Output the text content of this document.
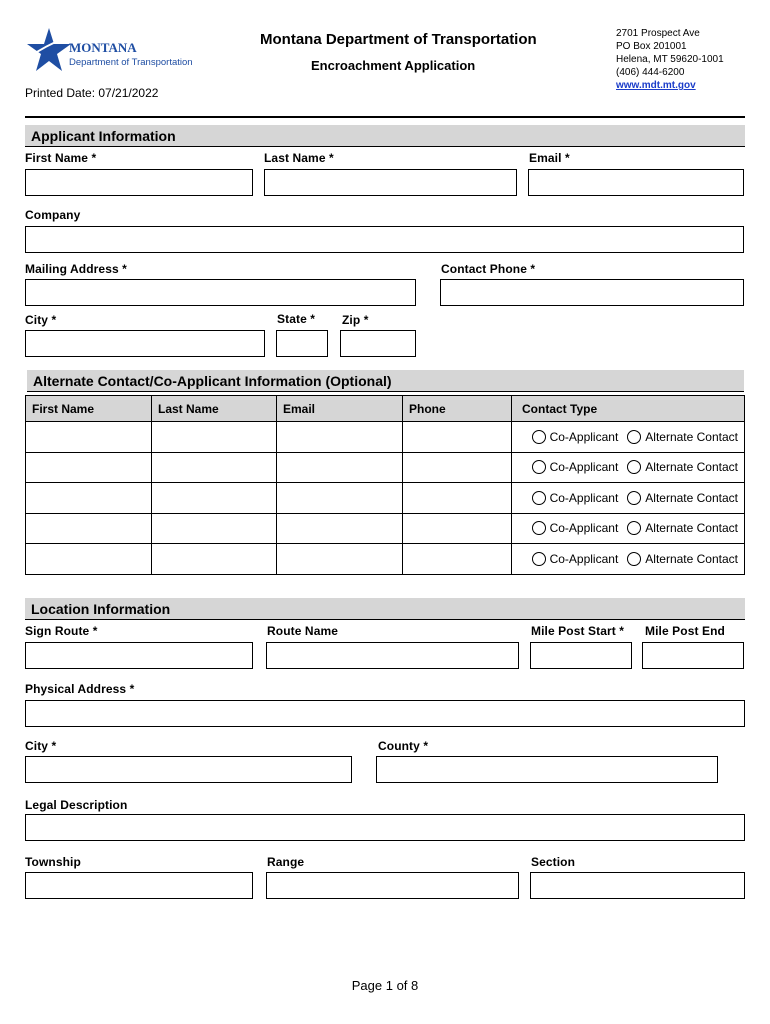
MONTANA
Department of Transportation
Montana Department of Transportation
Encroachment Application
2701 Prospect Ave
PO Box 201001
Helena, MT 59620-1001
(406) 444-6200
www.mdt.mt.gov
Printed Date: 07/21/2022
Applicant Information
First Name *	Last Name *	Email *
Company
Mailing Address *	Contact Phone *
City *	State * Zip *
Alternate Contact/Co-Applicant Information (Optional)
First Name	Last Name	Email	Phone	Contact Type

				Co-Applicant Alternate Contact

				Co-Applicant Alternate Contact

				Co-Applicant Alternate Contact

				Co-Applicant Alternate Contact

				Co-Applicant Alternate Contact
Location Information
Sign Route *	Route Name	Mile Post Start * Mile Post End
Physical Address *
City *	County *
Legal Description
Township	Range	Section
Page 1 of 8
